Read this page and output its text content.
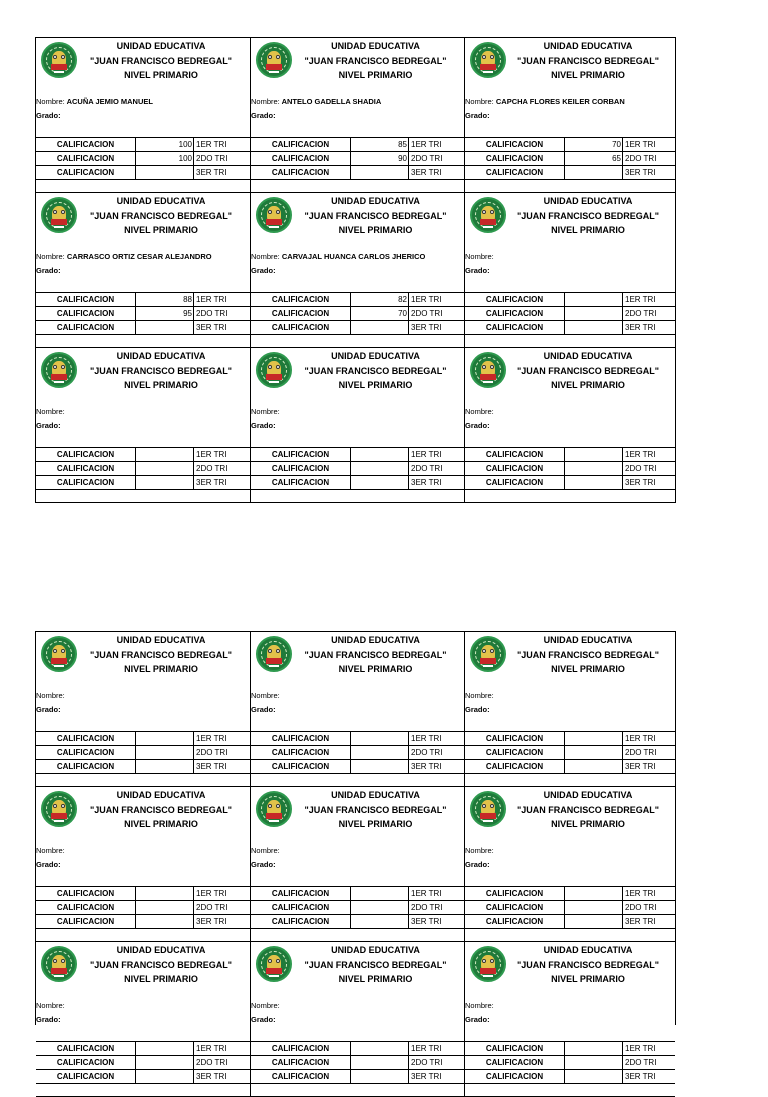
UNIDAD EDUCATIVA
"JUAN FRANCISCO BEDREGAL"
NIVEL PRIMARIO
Nombre: ACUÑA JEMIO MANUEL
Grado:
CALIFICACION	100 1ER TRI
CALIFICACION	100 2DO TRI
CALIFICACION	3ER TRI
UNIDAD EDUCATIVA
"JUAN FRANCISCO BEDREGAL"
NIVEL PRIMARIO
Nombre: ANTELO GADELLA SHADIA
Grado:
CALIFICACION	85 1ER TRI
CALIFICACION	90 2DO TRI
CALIFICACION	3ER TRI
UNIDAD EDUCATIVA
"JUAN FRANCISCO BEDREGAL"
NIVEL PRIMARIO
Nombre: CAPCHA FLORES KEILER CORBAN
Grado:
CALIFICACION	70 1ER TRI
CALIFICACION	65 2DO TRI
CALIFICACION	3ER TRI
UNIDAD EDUCATIVA
"JUAN FRANCISCO BEDREGAL"
NIVEL PRIMARIO
Nombre: CARRASCO ORTIZ CESAR ALEJANDRO
Grado:
CALIFICACION	88 1ER TRI
CALIFICACION	95 2DO TRI
CALIFICACION	3ER TRI
UNIDAD EDUCATIVA
"JUAN FRANCISCO BEDREGAL"
NIVEL PRIMARIO
Nombre: CARVAJAL HUANCA CARLOS JHERICO
Grado:
CALIFICACION	82 1ER TRI
CALIFICACION	70 2DO TRI
CALIFICACION	3ER TRI
UNIDAD EDUCATIVA
"JUAN FRANCISCO BEDREGAL"
NIVEL PRIMARIO
Nombre:
Grado:
CALIFICACION	1ER TRI
CALIFICACION	2DO TRI
CALIFICACION	3ER TRI
UNIDAD EDUCATIVA
"JUAN FRANCISCO BEDREGAL"
NIVEL PRIMARIO
Nombre:
Grado:
CALIFICACION	1ER TRI
CALIFICACION	2DO TRI
CALIFICACION	3ER TRI
UNIDAD EDUCATIVA
"JUAN FRANCISCO BEDREGAL"
NIVEL PRIMARIO
Nombre:
Grado:
CALIFICACION	1ER TRI
CALIFICACION	2DO TRI
CALIFICACION	3ER TRI
UNIDAD EDUCATIVA
"JUAN FRANCISCO BEDREGAL"
NIVEL PRIMARIO
Nombre:
Grado:
CALIFICACION	1ER TRI
CALIFICACION	2DO TRI
CALIFICACION	3ER TRI
UNIDAD EDUCATIVA
"JUAN FRANCISCO BEDREGAL"
NIVEL PRIMARIO
Nombre:
Grado:
CALIFICACION	1ER TRI
CALIFICACION	2DO TRI
CALIFICACION	3ER TRI
UNIDAD EDUCATIVA
"JUAN FRANCISCO BEDREGAL"
NIVEL PRIMARIO
Nombre:
Grado:
CALIFICACION	1ER TRI
CALIFICACION	2DO TRI
CALIFICACION	3ER TRI
UNIDAD EDUCATIVA
"JUAN FRANCISCO BEDREGAL"
NIVEL PRIMARIO
Nombre:
Grado:
CALIFICACION	1ER TRI
CALIFICACION	2DO TRI
CALIFICACION	3ER TRI
UNIDAD EDUCATIVA
"JUAN FRANCISCO BEDREGAL"
NIVEL PRIMARIO
Nombre:
Grado:
CALIFICACION	1ER TRI
CALIFICACION	2DO TRI
CALIFICACION	3ER TRI
UNIDAD EDUCATIVA
"JUAN FRANCISCO BEDREGAL"
NIVEL PRIMARIO
Nombre:
Grado:
CALIFICACION	1ER TRI
CALIFICACION	2DO TRI
CALIFICACION	3ER TRI
UNIDAD EDUCATIVA
"JUAN FRANCISCO BEDREGAL"
NIVEL PRIMARIO
Nombre:
Grado:
CALIFICACION	1ER TRI
CALIFICACION	2DO TRI
CALIFICACION	3ER TRI
UNIDAD EDUCATIVA
"JUAN FRANCISCO BEDREGAL"
NIVEL PRIMARIO
Nombre:
Grado:
CALIFICACION	1ER TRI
CALIFICACION	2DO TRI
CALIFICACION	3ER TRI
UNIDAD EDUCATIVA
"JUAN FRANCISCO BEDREGAL"
NIVEL PRIMARIO
Nombre:
Grado:
CALIFICACION	1ER TRI
CALIFICACION	2DO TRI
CALIFICACION	3ER TRI
UNIDAD EDUCATIVA
"JUAN FRANCISCO BEDREGAL"
NIVEL PRIMARIO
Nombre:
Grado:
CALIFICACION	1ER TRI
CALIFICACION	2DO TRI
CALIFICACION	3ER TRI
